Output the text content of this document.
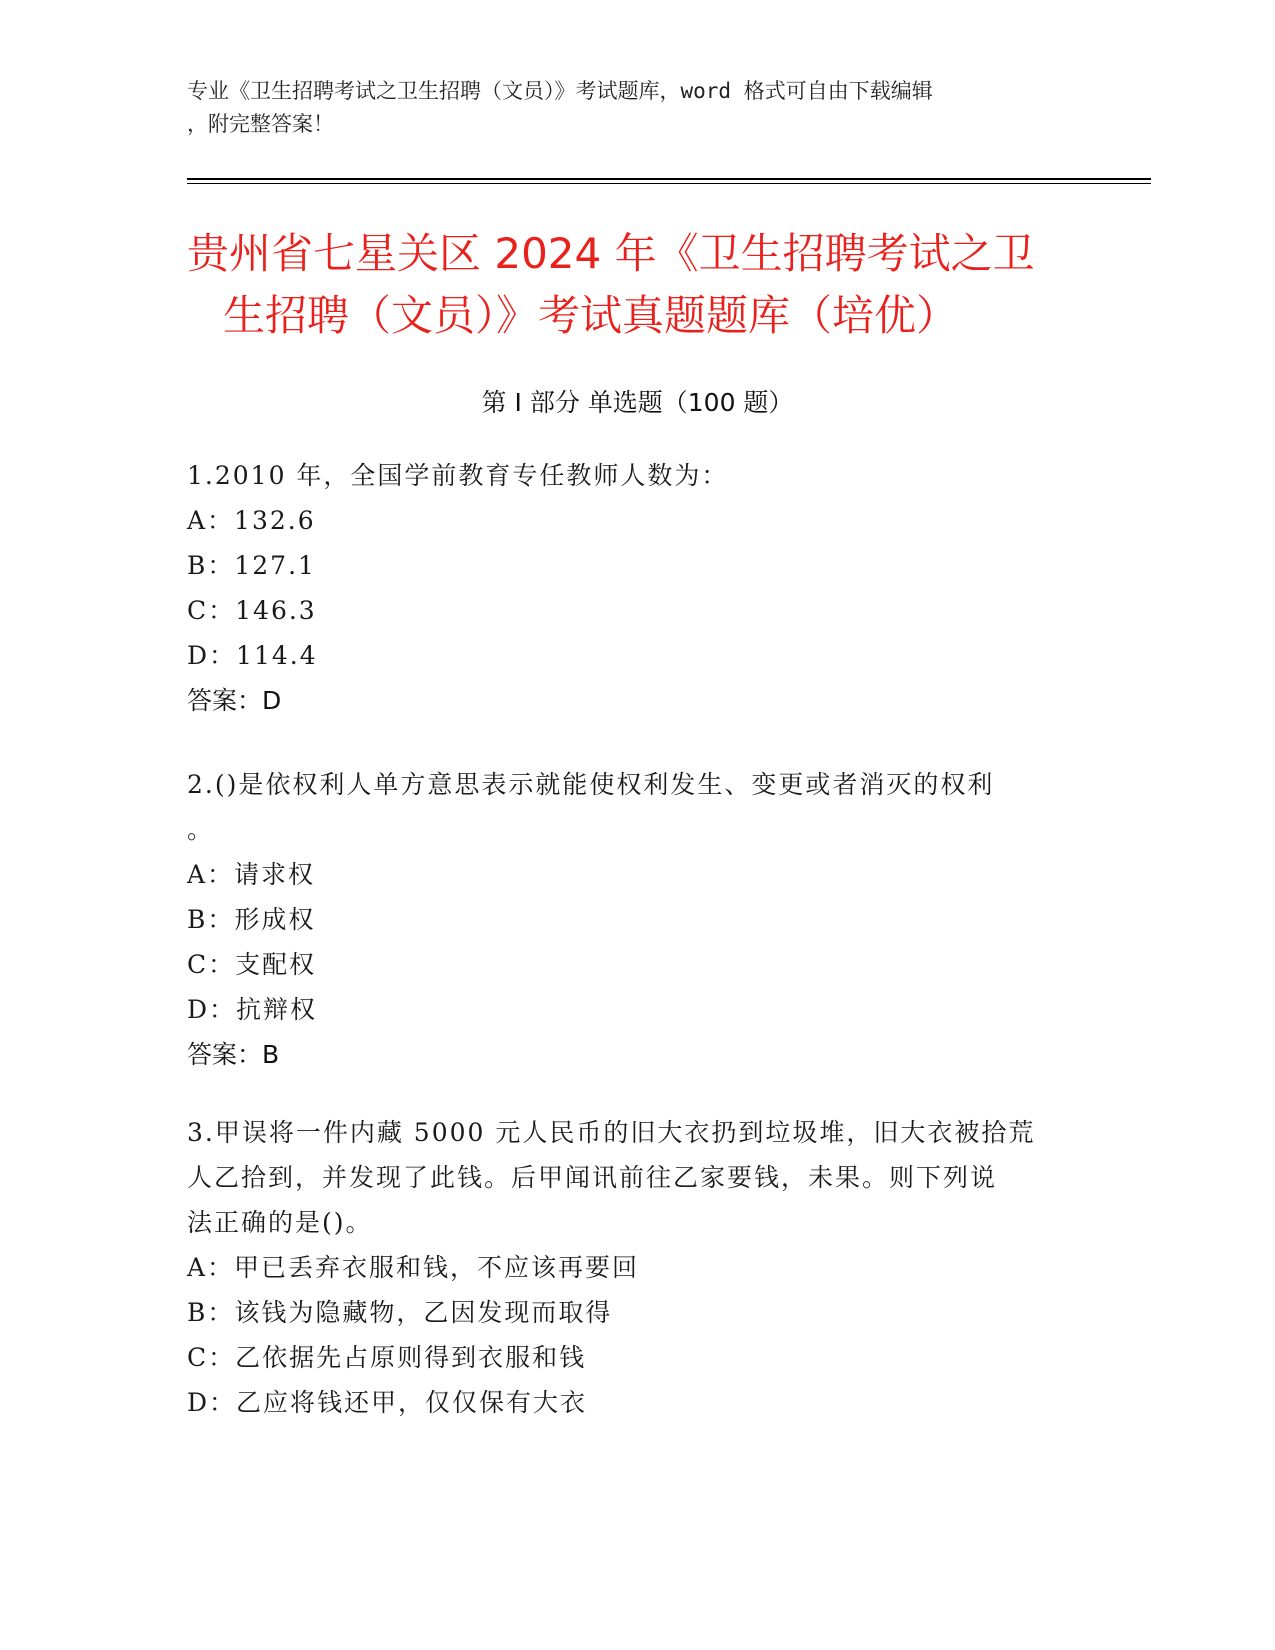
专业《卫生招聘考试之卫生招聘（文员）》考试题库，word 格式可自由下载编辑
，附完整答案！
贵州省七星关区 2024 年《卫生招聘考试之卫
生招聘（文员）》考试真题题库（培优）
第 I 部分 单选题（100 题）
1.2010 年，全国学前教育专任教师人数为：
A：132.6
B：127.1
C：146.3
D：114.4
答案：D
2.()是依权利人单方意思表示就能使权利发生、变更或者消灭的权利
。
A：请求权
B：形成权
C：支配权
D：抗辩权
答案：B
3.甲误将一件内藏 5000 元人民币的旧大衣扔到垃圾堆，旧大衣被拾荒
人乙拾到，并发现了此钱。后甲闻讯前往乙家要钱，未果。则下列说
法正确的是()。
A：甲已丢弃衣服和钱，不应该再要回
B：该钱为隐藏物，乙因发现而取得
C：乙依据先占原则得到衣服和钱
D：乙应将钱还甲，仅仅保有大衣
